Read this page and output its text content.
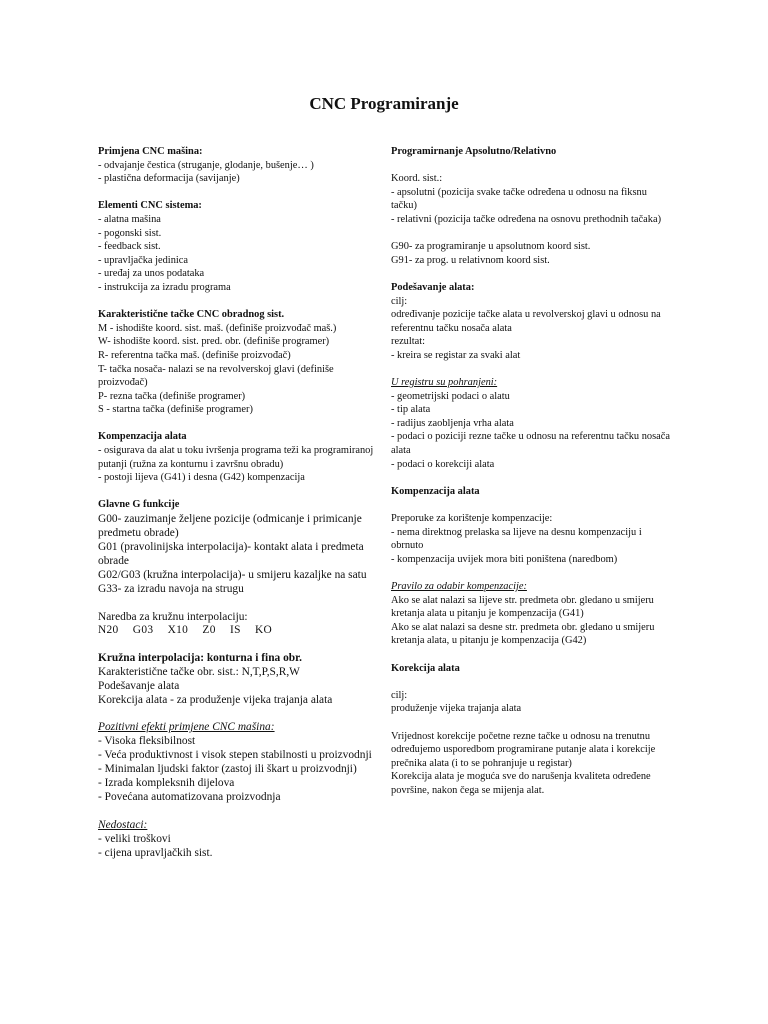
CNC Programiranje

Primjena CNC mašina:

- odvajanje čestica (struganje, glodanje, bušenje… )

- plastična deformacija (savijanje)

Elementi CNC sistema:

- alatna mašina

- pogonski sist.

- feedback sist.

- upravljačka jedinica

- uređaj za unos podataka

- instrukcija za izradu programa

Karakteristične tačke CNC obradnog sist.

M - ishodište koord. sist. maš. (definiše proizvođač maš.)

W- ishodište koord. sist. pred. obr. (definiše programer)

R- referentna tačka maš. (definiše proizvođač)

T- tačka nosača- nalazi se na revolverskoj glavi (definiše proizvođač)

P- rezna tačka (definiše programer)

S - startna tačka (definiše programer)

Kompenzacija alata

- osigurava da alat u toku ivršenja programa teži ka programiranoj putanji (ružna za konturnu i završnu obradu)

- postoji lijeva (G41) i desna (G42) kompenzacija

Glavne G funkcije

G00- zauzimanje željene pozicije (odmicanje i primicanje predmetu obrade)

G01 (pravolinijska interpolacija)- kontakt alata i predmeta obrade

G02/G03 (kružna interpolacija)- u smijeru kazaljke na satu G33- za izradu navoja na strugu

Naredba za kružnu interpolaciju:

N20  G03  X10  Z0  IS  KO

Kružna interpolacija: konturna i fina obr.

Karakteristične tačke obr. sist.: N,T,P,S,R,W

Podešavanje alata

Korekcija alata - za produženje vijeka trajanja alata

Pozitivni efekti primjene CNC mašina:

- Visoka fleksibilnost

- Veća produktivnost i visok stepen stabilnosti u proizvodnji

- Minimalan ljudski faktor (zastoj ili škart u proizvodnji)

- Izrada kompleksnih dijelova

- Povećana automatizovana proizvodnja

Nedostaci:

- veliki troškovi

- cijena upravljačkih sist.

Programirnanje Apsolutno/Relativno

Koord. sist.:

- apsolutni (pozicija svake tačke određena u odnosu na fiksnu tačku)

- relativni (pozicija tačke određena na osnovu prethodnih tačaka)

G90- za programiranje u apsolutnom koord sist.

G91- za prog. u relativnom koord sist.

Podešavanje alata:

cilj:

određivanje pozicije tačke alata u revolverskoj glavi u odnosu na referentnu tačku nosača alata

rezultat:

- kreira se registar za svaki alat

U registru su pohranjeni:

- geometrijski podaci o alatu

- tip alata

- radijus zaobljenja vrha alata

- podaci o poziciji rezne tačke u odnosu na referentnu tačku nosača alata

- podaci o korekciji alata

Kompenzacija alata

Preporuke za korištenje kompenzacije:

- nema direktnog prelaska sa lijeve na desnu kompenzaciju i obrnuto

- kompenzacija uvijek mora biti poništena (naredbom)

Pravilo za odabir kompenzacije:

Ako se alat nalazi sa lijeve str. predmeta obr. gledano u smijeru kretanja alata u pitanju je kompenzacija (G41)

Ako se alat nalazi sa desne str. predmeta obr. gledano u smijeru kretanja alata, u pitanju je kompenzacija (G42)

Korekcija alata

cilj:

produženje vijeka trajanja alata

Vrijednost korekcije početne rezne tačke u odnosu na trenutnu određujemo usporedbom programirane putanje alata i korekcije prečnika alata (i to se pohranjuje u registar)

Korekcija alata je moguća sve do narušenja kvaliteta određene površine, nakon čega se mijenja alat.
